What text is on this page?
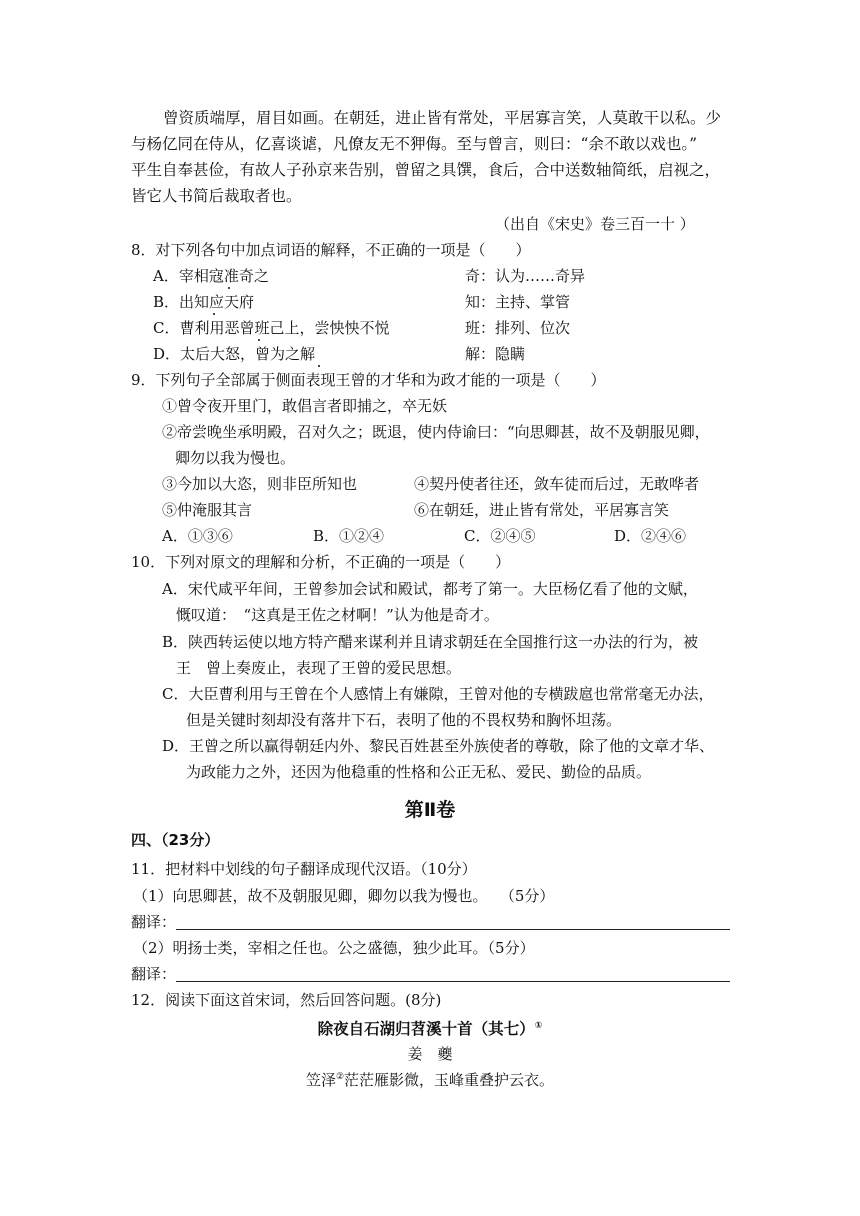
曾资质端厚，眉目如画。在朝廷，进止皆有常处，平居寡言笑，人莫敢干以私。少
与杨亿同在侍从，亿喜谈谑，凡僚友无不狎侮。至与曾言，则曰：“余不敢以戏也。”
平生自奉甚俭，有故人子孙京来告别，曾留之具馔，食后，合中送数轴简纸，启视之，
皆它人书简后裁取者也。
（出自《宋史》卷三百一十 ）
8．对下列各句中加点词语的解释，不正确的一项是（　　）
A．宰相寇准奇之	奇：认为……奇异
B．出知应天府	知：主持、掌管
C．曹利用恶曾班己上，尝怏怏不悦	班：排列、位次
D．太后大怒，曾为之解	解：隐瞒
9．下列句子全部属于侧面表现王曾的才华和为政才能的一项是（　　）
①曾令夜开里门，敢倡言者即捕之，卒无妖
②帝尝晚坐承明殿，召对久之；既退，使内侍谕曰：“向思卿甚，故不及朝服见卿，
卿勿以我为慢也。
③今加以大恣，则非臣所知也	④契丹使者往还，敛车徒而后过，无敢哗者
⑤仲淹服其言	⑥在朝廷，进止皆有常处，平居寡言笑
A．①③⑥	B．①②④	C．②④⑤	D．②④⑥
10．下列对原文的理解和分析，不正确的一项是（　　）
A．宋代咸平年间，王曾参加会试和殿试，都考了第一。大臣杨亿看了他的文赋，
慨叹道：　“这真是王佐之材啊！”认为他是奇才。
B．陕西转运使以地方特产醋来谋利并且请求朝廷在全国推行这一办法的行为，被
王　曾上奏废止，表现了王曾的爱民思想。
C．大臣曹利用与王曾在个人感情上有嫌隙，王曾对他的专横跋扈也常常毫无办法，
但是关键时刻却没有落井下石，表明了他的不畏权势和胸怀坦荡。
D．王曾之所以赢得朝廷内外、黎民百姓甚至外族使者的尊敬，除了他的文章才华、
为政能力之外，还因为他稳重的性格和公正无私、爱民、勤俭的品质。
第Ⅱ卷
四、（23分）
11．把材料中划线的句子翻译成现代汉语。（10分）
（1）向思卿甚，故不及朝服见卿，卿勿以我为慢也。　 （5分）
翻译：
（2）明扬士类，宰相之任也。公之盛德，独少此耳。（5分）
翻译：
12．阅读下面这首宋词，然后回答问题。(8分)
除夜自石湖归苕溪十首（其七）①
姜　夔
笠泽②茫茫雁影微，玉峰重叠护云衣。
